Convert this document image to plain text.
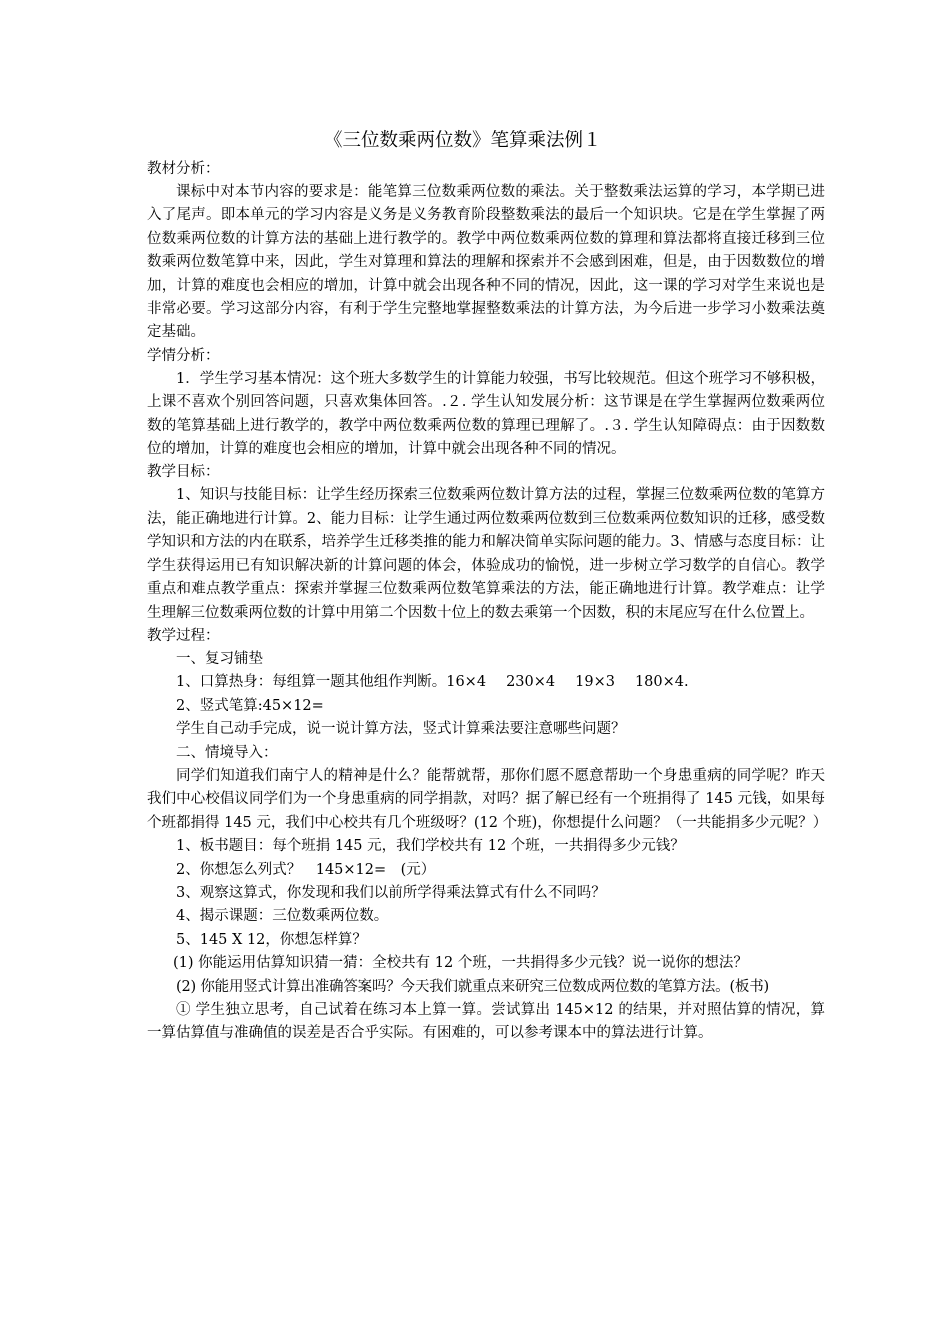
《三位数乘两位数》笔算乘法例１
教材分析：

课标中对本节内容的要求是：能笔算三位数乘两位数的乘法。关于整数乘法运算的学习，本学期已进入了尾声。即本单元的学习内容是义务是义务教育阶段整数乘法的最后一个知识块。它是在学生掌握了两位数乘两位数的计算方法的基础上进行教学的。教学中两位数乘两位数的算理和算法都将直接迁移到三位数乘两位数笔算中来，因此，学生对算理和算法的理解和探索并不会感到困难，但是，由于因数数位的增加，计算的难度也会相应的增加，计算中就会出现各种不同的情况，因此，这一课的学习对学生来说也是非常必要。学习这部分内容，有利于学生完整地掌握整数乘法的计算方法，为今后进一步学习小数乘法奠定基础。

学情分析：

1．学生学习基本情况：这个班大多数学生的计算能力较强，书写比较规范。但这个班学习不够积极，上课不喜欢个别回答问题，只喜欢集体回答。.２. 学生认知发展分析：这节课是在学生掌握两位数乘两位数的笔算基础上进行教学的，教学中两位数乘两位数的算理已理解了。.３. 学生认知障碍点：由于因数数位的增加，计算的难度也会相应的增加，计算中就会出现各种不同的情况。

教学目标：

1、知识与技能目标：让学生经历探索三位数乘两位数计算方法的过程，掌握三位数乘两位数的笔算方法，能正确地进行计算。2、能力目标：让学生通过两位数乘两位数到三位数乘两位数知识的迁移，感受数学知识和方法的内在联系，培养学生迁移类推的能力和解决简单实际问题的能力。3、情感与态度目标：让学生获得运用已有知识解决新的计算问题的体会，体验成功的愉悦，进一步树立学习数学的自信心。教学重点和难点教学重点：探索并掌握三位数乘两位数笔算乘法的方法，能正确地进行计算。教学难点：让学生理解三位数乘两位数的计算中用第二个因数十位上的数去乘第一个因数，积的末尾应写在什么位置上。

教学过程：
一、复习铺垫
1、口算热身：每组算一题其他组作判断。16×4 230×4 19×3 180×4.
2、竖式笔算:45×12=
学生自己动手完成，说一说计算方法，竖式计算乘法要注意哪些问题？
二、情境导入：

同学们知道我们南宁人的精神是什么？能帮就帮，那你们愿不愿意帮助一个身患重病的同学呢？昨天我们中心校倡议同学们为一个身患重病的同学捐款，对吗？据了解已经有一个班捐得了 145 元钱，如果每个班都捐得 145 元，我们中心校共有几个班级呀？(12 个班)，你想提什么问题？（一共能捐多少元呢？）

1、板书题目：每个班捐 145 元，我们学校共有 12 个班，一共捐得多少元钱？
2、你想怎么列式？　145×12=　(元）
3、观察这算式，你发现和我们以前所学得乘法算式有什么不同吗？
4、揭示课题：三位数乘两位数。
5、145 X 12，你想怎样算？
(1) 你能运用估算知识猜一猜：全校共有 12 个班，一共捐得多少元钱？说一说你的想法？

(2) 你能用竖式计算出准确答案吗？今天我们就重点来研究三位数成两位数的笔算方法。(板书)

① 学生独立思考，自己试着在练习本上算一算。尝试算出 145×12 的结果，并对照估算的情况，算一算估算值与准确值的误差是否合乎实际。有困难的，可以参考课本中的算法进行计算。
